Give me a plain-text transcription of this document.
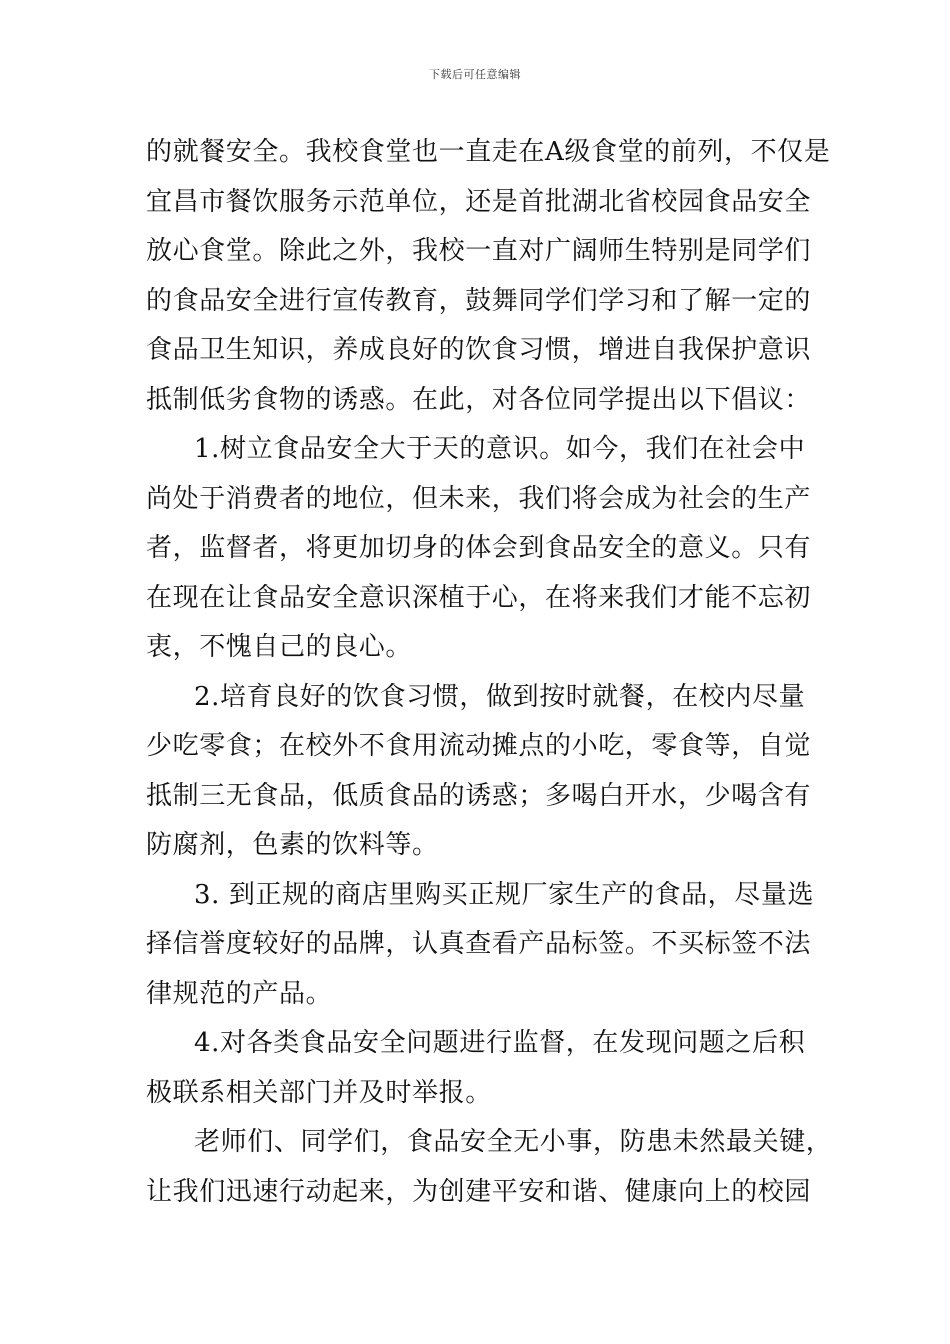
下载后可任意编辑
的就餐安全。我校食堂也一直走在A级食堂的前列，不仅是
宜昌市餐饮服务示范单位，还是首批湖北省校园食品安全
放心食堂。除此之外，我校一直对广阔师生特别是同学们
的食品安全进行宣传教育，鼓舞同学们学习和了解一定的
食品卫生知识，养成良好的饮食习惯，增进自我保护意识
抵制低劣食物的诱惑。在此，对各位同学提出以下倡议：
1.树立食品安全大于天的意识。如今，我们在社会中
尚处于消费者的地位，但未来，我们将会成为社会的生产
者，监督者，将更加切身的体会到食品安全的意义。只有
在现在让食品安全意识深植于心，在将来我们才能不忘初
衷，不愧自己的良心。
2.培育良好的饮食习惯，做到按时就餐，在校内尽量
少吃零食；在校外不食用流动摊点的小吃，零食等，自觉
抵制三无食品，低质食品的诱惑；多喝白开水，少喝含有
防腐剂，色素的饮料等。
3. 到正规的商店里购买正规厂家生产的食品，尽量选
择信誉度较好的品牌，认真查看产品标签。不买标签不法
律规范的产品。
4.对各类食品安全问题进行监督，在发现问题之后积
极联系相关部门并及时举报。
老师们、同学们，食品安全无小事，防患未然最关键，
让我们迅速行动起来，为创建平安和谐、健康向上的校园
